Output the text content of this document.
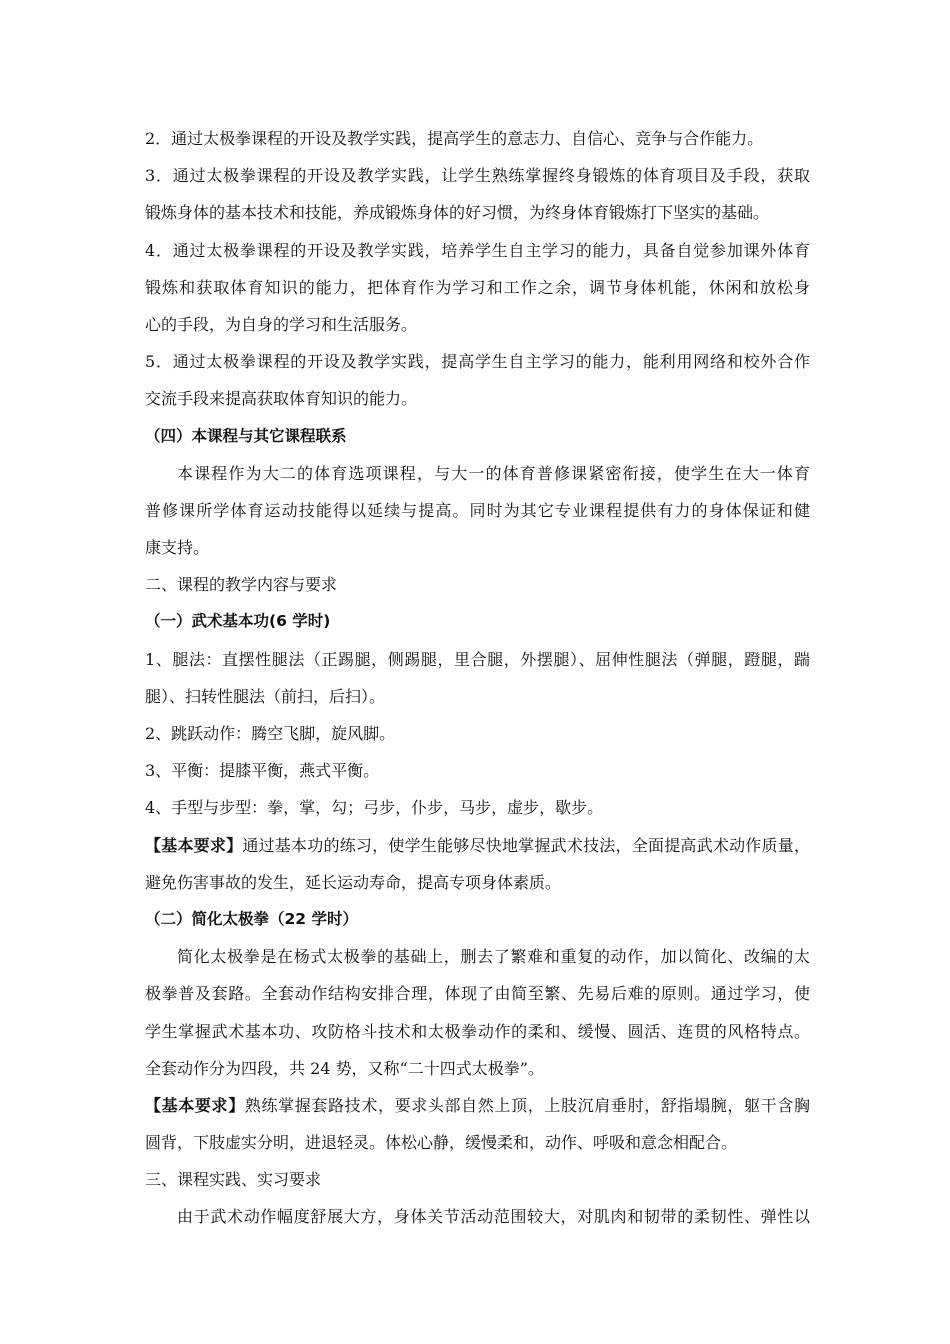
2．通过太极拳课程的开设及教学实践，提高学生的意志力、自信心、竞争与合作能力。
3．通过太极拳课程的开设及教学实践，让学生熟练掌握终身锻炼的体育项目及手段，获取
锻炼身体的基本技术和技能，养成锻炼身体的好习惯，为终身体育锻炼打下坚实的基础。
4．通过太极拳课程的开设及教学实践，培养学生自主学习的能力，具备自觉参加课外体育
锻炼和获取体育知识的能力，把体育作为学习和工作之余，调节身体机能，休闲和放松身
心的手段，为自身的学习和生活服务。
5．通过太极拳课程的开设及教学实践，提高学生自主学习的能力，能利用网络和校外合作
交流手段来提高获取体育知识的能力。
（四）本课程与其它课程联系
本课程作为大二的体育选项课程，与大一的体育普修课紧密衔接，使学生在大一体育
普修课所学体育运动技能得以延续与提高。同时为其它专业课程提供有力的身体保证和健
康支持。
二、课程的教学内容与要求
（一）武术基本功(6 学时)
1、腿法：直摆性腿法（正踢腿，侧踢腿，里合腿，外摆腿）、屈伸性腿法（弹腿，蹬腿，踹
腿）、扫转性腿法（前扫，后扫）。
2、跳跃动作：腾空飞脚，旋风脚。
3、平衡：提膝平衡，燕式平衡。
4、手型与步型：拳，掌，勾；弓步，仆步，马步，虚步，歇步。
【基本要求】通过基本功的练习，使学生能够尽快地掌握武术技法，全面提高武术动作质量，
避免伤害事故的发生，延长运动寿命，提高专项身体素质。
（二）简化太极拳（22 学时）
简化太极拳是在杨式太极拳的基础上，删去了繁难和重复的动作，加以简化、改编的太
极拳普及套路。全套动作结构安排合理，体现了由简至繁、先易后难的原则。通过学习，使
学生掌握武术基本功、攻防格斗技术和太极拳动作的柔和、缓慢、圆活、连贯的风格特点。
全套动作分为四段，共 24 势，又称“二十四式太极拳”。
【基本要求】熟练掌握套路技术，要求头部自然上顶，上肢沉肩垂肘，舒指塌腕，躯干含胸
圆背，下肢虚实分明，进退轻灵。体松心静，缓慢柔和，动作、呼吸和意念相配合。
三、课程实践、实习要求
由于武术动作幅度舒展大方，身体关节活动范围较大，对肌肉和韧带的柔韧性、弹性以
